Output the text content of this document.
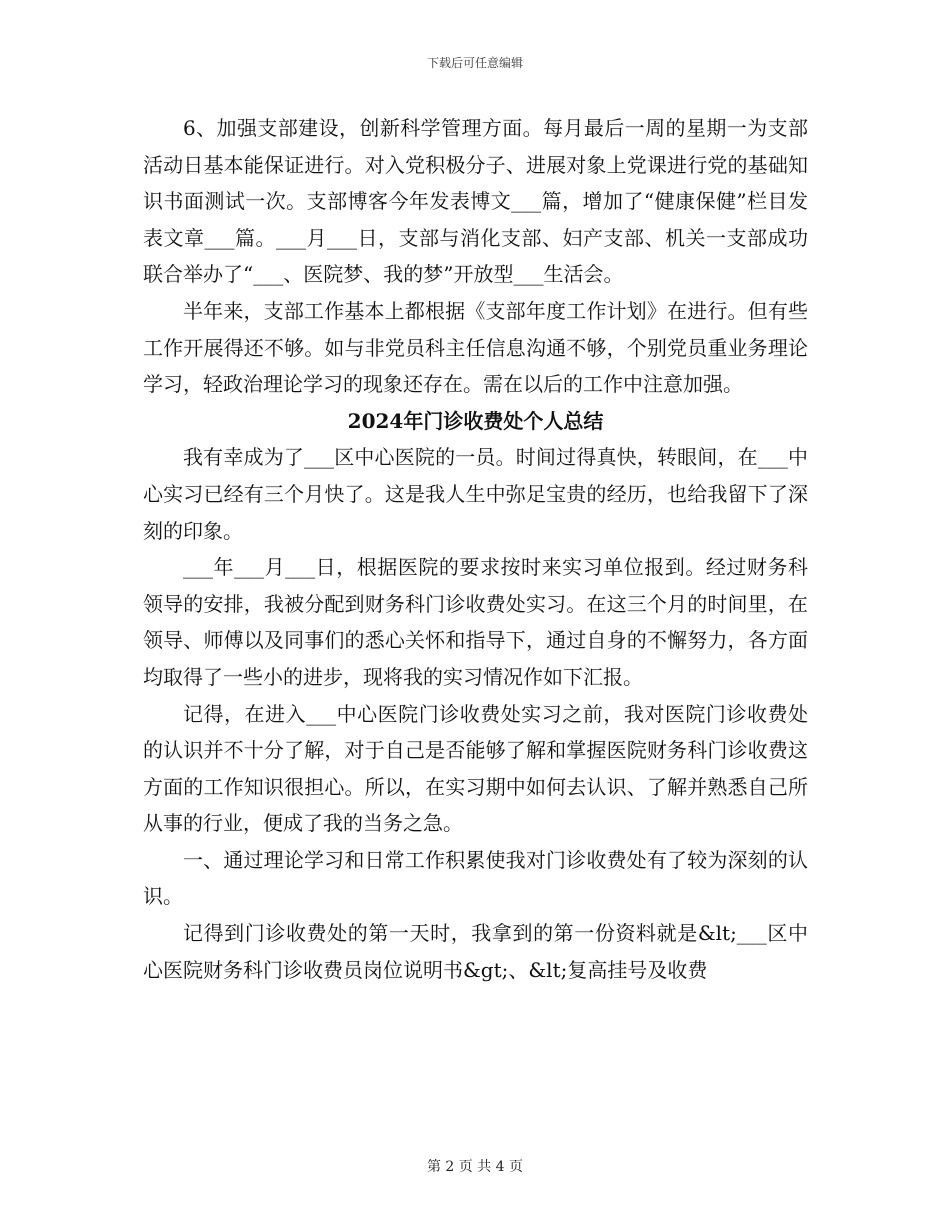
下载后可任意编辑

6、加强支部建设，创新科学管理方面。每月最后一周的星期一为支部活动日基本能保证进行。对入党积极分子、进展对象上党课进行党的基础知识书面测试一次。支部博客今年发表博文___篇，增加了“健康保健”栏目发表文章___篇。___月___日，支部与消化支部、妇产支部、机关一支部成功联合举办了“___、医院梦、我的梦”开放型___生活会。

半年来，支部工作基本上都根据《支部年度工作计划》在进行。但有些工作开展得还不够。如与非党员科主任信息沟通不够，个别党员重业务理论学习，轻政治理论学习的现象还存在。需在以后的工作中注意加强。

2024年门诊收费处个人总结

我有幸成为了___区中心医院的一员。时间过得真快，转眼间，在___中心实习已经有三个月快了。这是我人生中弥足宝贵的经历，也给我留下了深刻的印象。

___年___月___日，根据医院的要求按时来实习单位报到。经过财务科领导的安排，我被分配到财务科门诊收费处实习。在这三个月的时间里，在领导、师傅以及同事们的悉心关怀和指导下，通过自身的不懈努力，各方面均取得了一些小的进步，现将我的实习情况作如下汇报。

记得，在进入___中心医院门诊收费处实习之前，我对医院门诊收费处的认识并不十分了解，对于自己是否能够了解和掌握医院财务科门诊收费这方面的工作知识很担心。所以，在实习期中如何去认识、了解并熟悉自己所从事的行业，便成了我的当务之急。

一、通过理论学习和日常工作积累使我对门诊收费处有了较为深刻的认识。

记得到门诊收费处的第一天时，我拿到的第一份资料就是&lt;___区中心医院财务科门诊收费员岗位说明书&gt;、&lt;复高挂号及收费

第 2 页 共 4 页
